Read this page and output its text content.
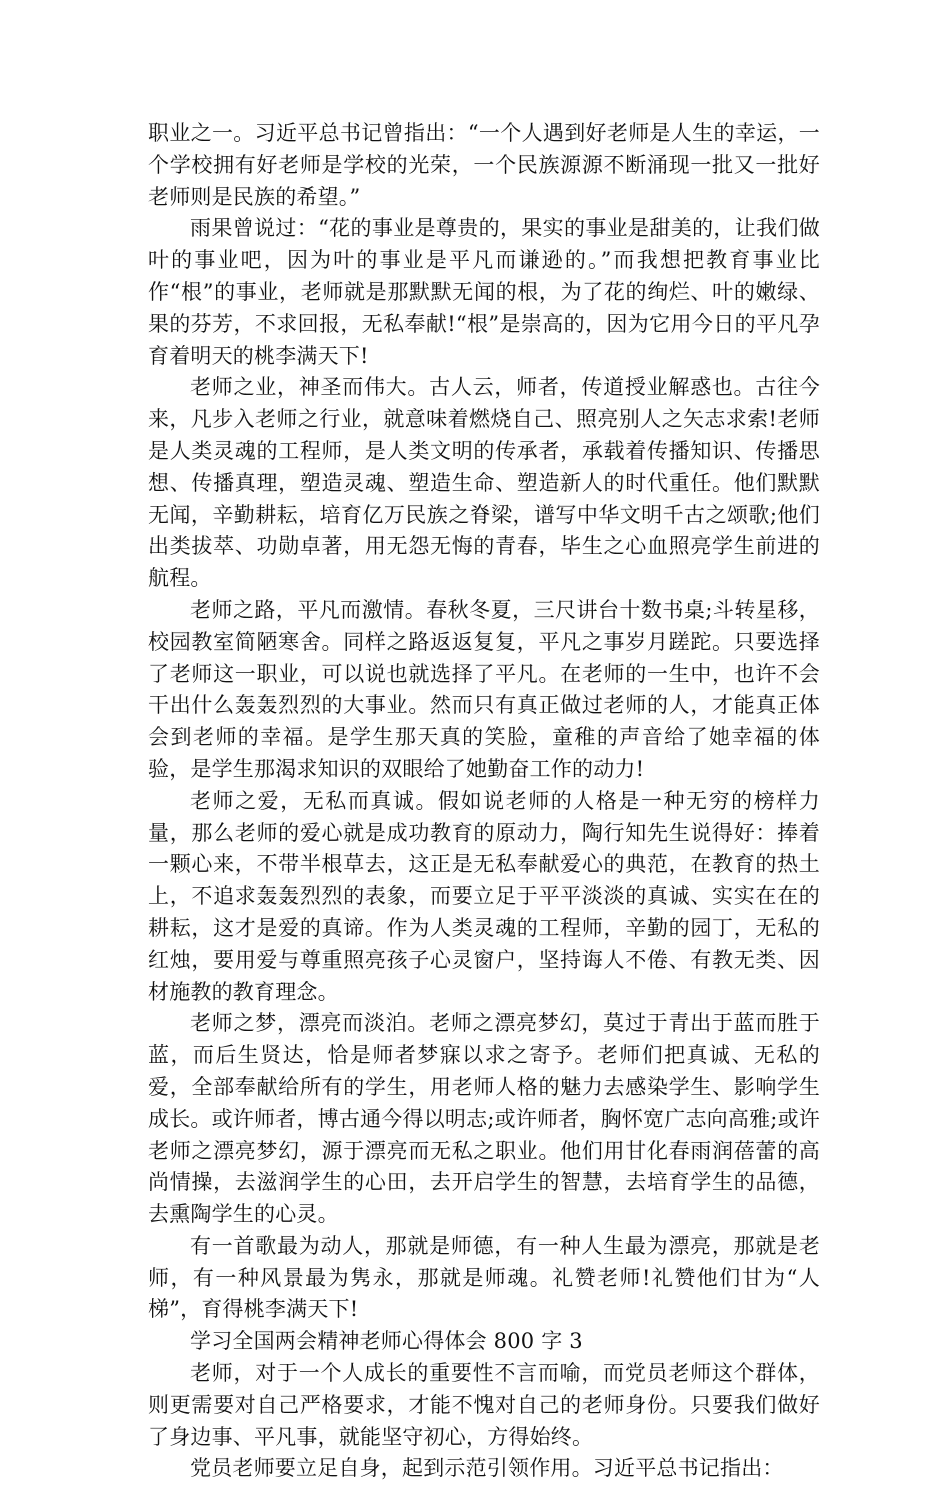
职业之一。习近平总书记曾指出：“一个人遇到好老师是人生的幸运，一个学校拥有好老师是学校的光荣，一个民族源源不断涌现一批又一批好老师则是民族的希望。”

雨果曾说过：“花的事业是尊贵的，果实的事业是甜美的，让我们做叶的事业吧，因为叶的事业是平凡而谦逊的。”而我想把教育事业比作“根”的事业，老师就是那默默无闻的根，为了花的绚烂、叶的嫩绿、果的芬芳，不求回报，无私奉献!“根”是崇高的，因为它用今日的平凡孕育着明天的桃李满天下!

老师之业，神圣而伟大。古人云，师者，传道授业解惑也。古往今来，凡步入老师之行业，就意味着燃烧自己、照亮别人之矢志求索!老师是人类灵魂的工程师，是人类文明的传承者，承载着传播知识、传播思想、传播真理，塑造灵魂、塑造生命、塑造新人的时代重任。他们默默无闻，辛勤耕耘，培育亿万民族之脊梁，谱写中华文明千古之颂歌;他们出类拔萃、功勋卓著，用无怨无悔的青春，毕生之心血照亮学生前进的航程。

老师之路，平凡而激情。春秋冬夏，三尺讲台十数书桌;斗转星移，校园教室简陋寒舍。同样之路返返复复，平凡之事岁月蹉跎。只要选择了老师这一职业，可以说也就选择了平凡。在老师的一生中，也许不会干出什么轰轰烈烈的大事业。然而只有真正做过老师的人，才能真正体会到老师的幸福。是学生那天真的笑脸，童稚的声音给了她幸福的体验，是学生那渴求知识的双眼给了她勤奋工作的动力!

老师之爱，无私而真诚。假如说老师的人格是一种无穷的榜样力量，那么老师的爱心就是成功教育的原动力，陶行知先生说得好：捧着一颗心来，不带半根草去，这正是无私奉献爱心的典范，在教育的热土上，不追求轰轰烈烈的表象，而要立足于平平淡淡的真诚、实实在在的耕耘，这才是爱的真谛。作为人类灵魂的工程师，辛勤的园丁，无私的红烛，要用爱与尊重照亮孩子心灵窗户，坚持诲人不倦、有教无类、因材施教的教育理念。

老师之梦，漂亮而淡泊。老师之漂亮梦幻，莫过于青出于蓝而胜于蓝，而后生贤达，恰是师者梦寐以求之寄予。老师们把真诚、无私的爱，全部奉献给所有的学生，用老师人格的魅力去感染学生、影响学生成长。或许师者，博古通今得以明志;或许师者，胸怀宽广志向高雅;或许老师之漂亮梦幻，源于漂亮而无私之职业。他们用甘化春雨润蓓蕾的高尚情操，去滋润学生的心田，去开启学生的智慧，去培育学生的品德，去熏陶学生的心灵。

有一首歌最为动人，那就是师德，有一种人生最为漂亮，那就是老师，有一种风景最为隽永，那就是师魂。礼赞老师!礼赞他们甘为“人梯”，育得桃李满天下!

学习全国两会精神老师心得体会 800 字 3

老师，对于一个人成长的重要性不言而喻，而党员老师这个群体，则更需要对自己严格要求，才能不愧对自己的老师身份。只要我们做好了身边事、平凡事，就能坚守初心，方得始终。

党员老师要立足自身，起到示范引领作用。习近平总书记指出：
